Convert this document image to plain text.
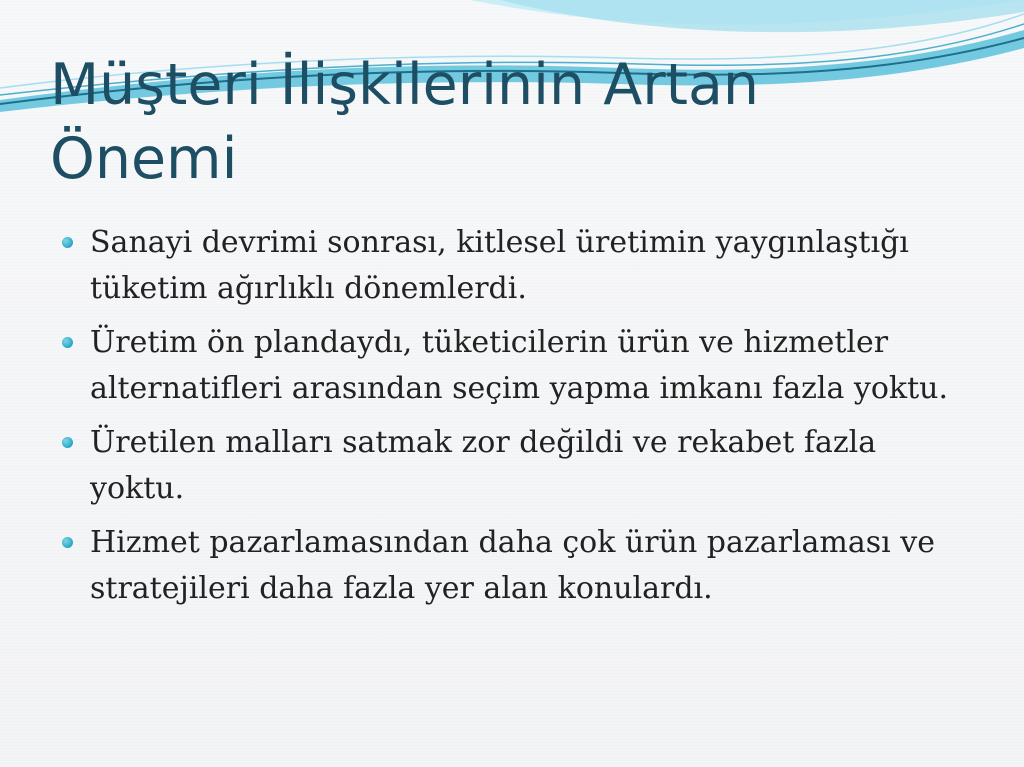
Müşteri İlişkilerinin Artan Önemi
Sanayi devrimi sonrası, kitlesel üretimin yaygınlaştığı tüketim ağırlıklı dönemlerdi.
Üretim ön plandaydı, tüketicilerin ürün ve hizmetler alternatifleri arasından seçim yapma imkanı fazla yoktu.
Üretilen malları satmak zor değildi ve rekabet fazla yoktu.
Hizmet pazarlamasından daha çok ürün pazarlaması ve stratejileri daha fazla yer alan konulardı.
